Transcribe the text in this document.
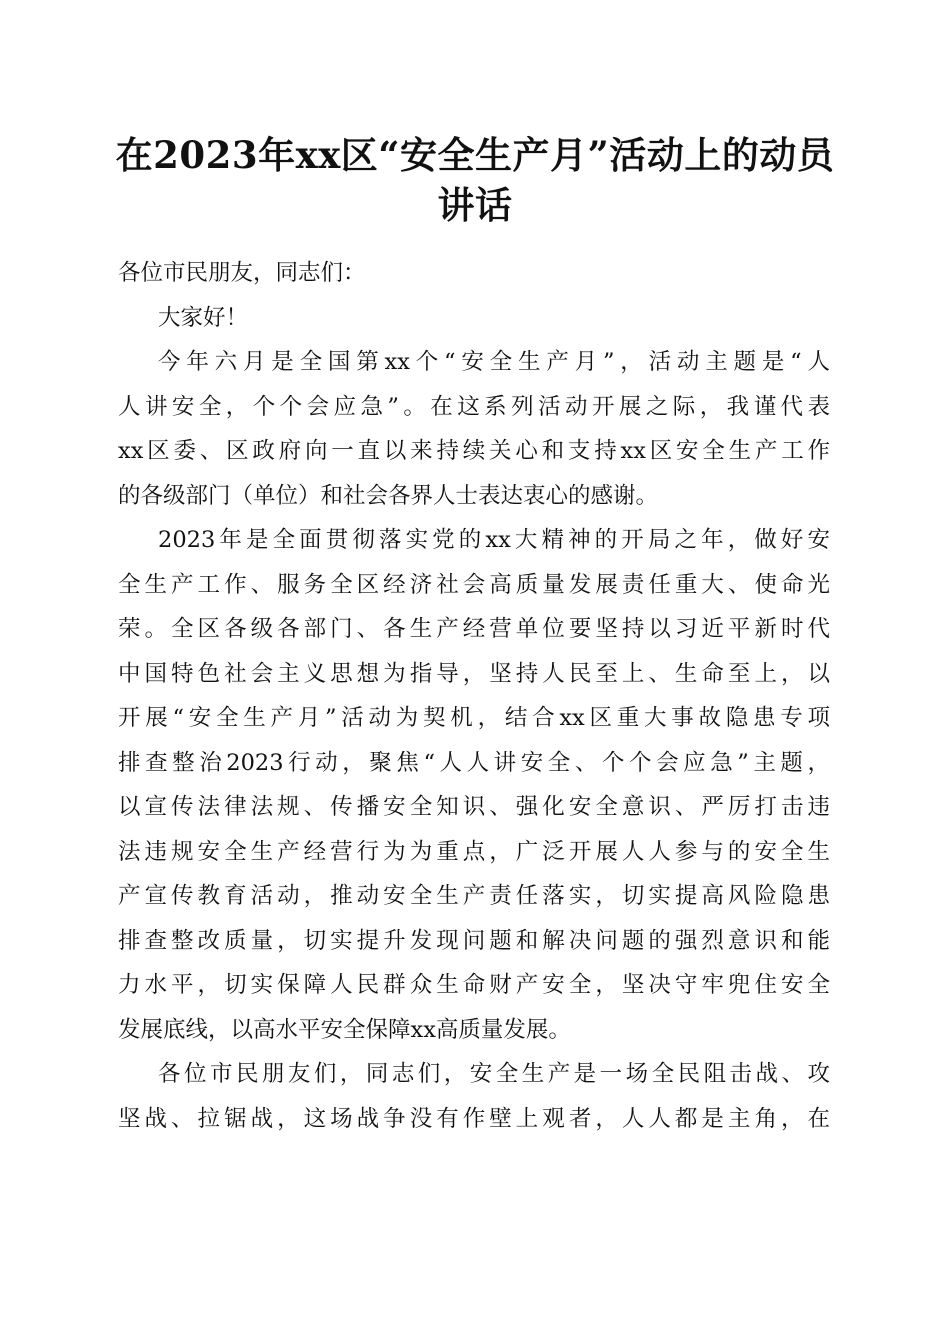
在2023年xx区“安全生产月”活动上的动员
讲话
各位市民朋友，同志们：
大家好！
今年六月是全国第xx个“安全生产月”，活动主题是“人
人讲安全，个个会应急”。在这系列活动开展之际，我谨代表
xx区委、区政府向一直以来持续关心和支持xx区安全生产工作
的各级部门（单位）和社会各界人士表达衷心的感谢。
2023年是全面贯彻落实党的xx大精神的开局之年，做好安
全生产工作、服务全区经济社会高质量发展责任重大、使命光
荣。全区各级各部门、各生产经营单位要坚持以习近平新时代
中国特色社会主义思想为指导，坚持人民至上、生命至上，以
开展“安全生产月”活动为契机，结合xx区重大事故隐患专项
排查整治2023行动，聚焦“人人讲安全、个个会应急”主题，
以宣传法律法规、传播安全知识、强化安全意识、严厉打击违
法违规安全生产经营行为为重点，广泛开展人人参与的安全生
产宣传教育活动，推动安全生产责任落实，切实提高风险隐患
排查整改质量，切实提升发现问题和解决问题的强烈意识和能
力水平，切实保障人民群众生命财产安全，坚决守牢兜住安全
发展底线，以高水平安全保障xx高质量发展。
各位市民朋友们，同志们，安全生产是一场全民阻击战、攻
坚战、拉锯战，这场战争没有作壁上观者，人人都是主角，在
